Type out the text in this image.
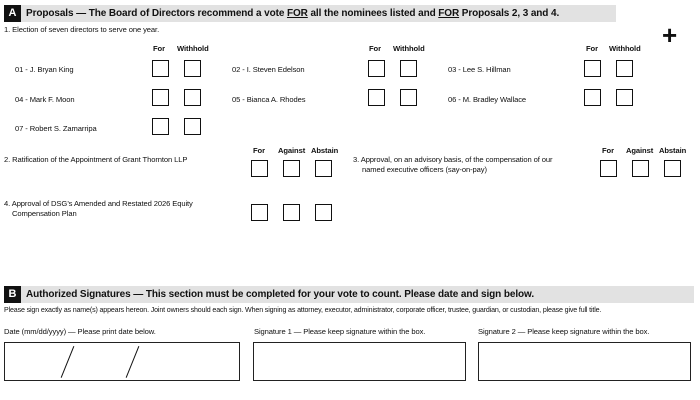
A Proposals — The Board of Directors recommend a vote FOR all the nominees listed and FOR Proposals 2, 3 and 4.
+
1. Election of seven directors to serve one year.
For Withhold	For Withhold	For Withhold
01 - J. Bryan King	02 - I. Steven Edelson	03 - Lee S. Hillman
04 - Mark F. Moon	05 - Bianca A. Rhodes	06 - M. Bradley Wallace
07 - Robert S. Zamarripa
For Against Abstain	For Against Abstain
2. Ratification of the Appointment of Grant Thornton LLP	3. Approval, on an advisory basis, of the compensation of our
named executive officers (say-on-pay)
4. Approval of DSG’s Amended and Restated 2026 Equity
Compensation Plan
B Authorized Signatures — This section must be completed for your vote to count. Please date and sign below.
Please sign exactly as name(s) appears hereon. Joint owners should each sign. When signing as attorney, executor, administrator, corporate officer, trustee, guardian, or custodian, please give full title.
Date (mm/dd/yyyy) — Please print date below.	Signature 1 — Please keep signature within the box.	Signature 2 — Please keep signature within the box.
